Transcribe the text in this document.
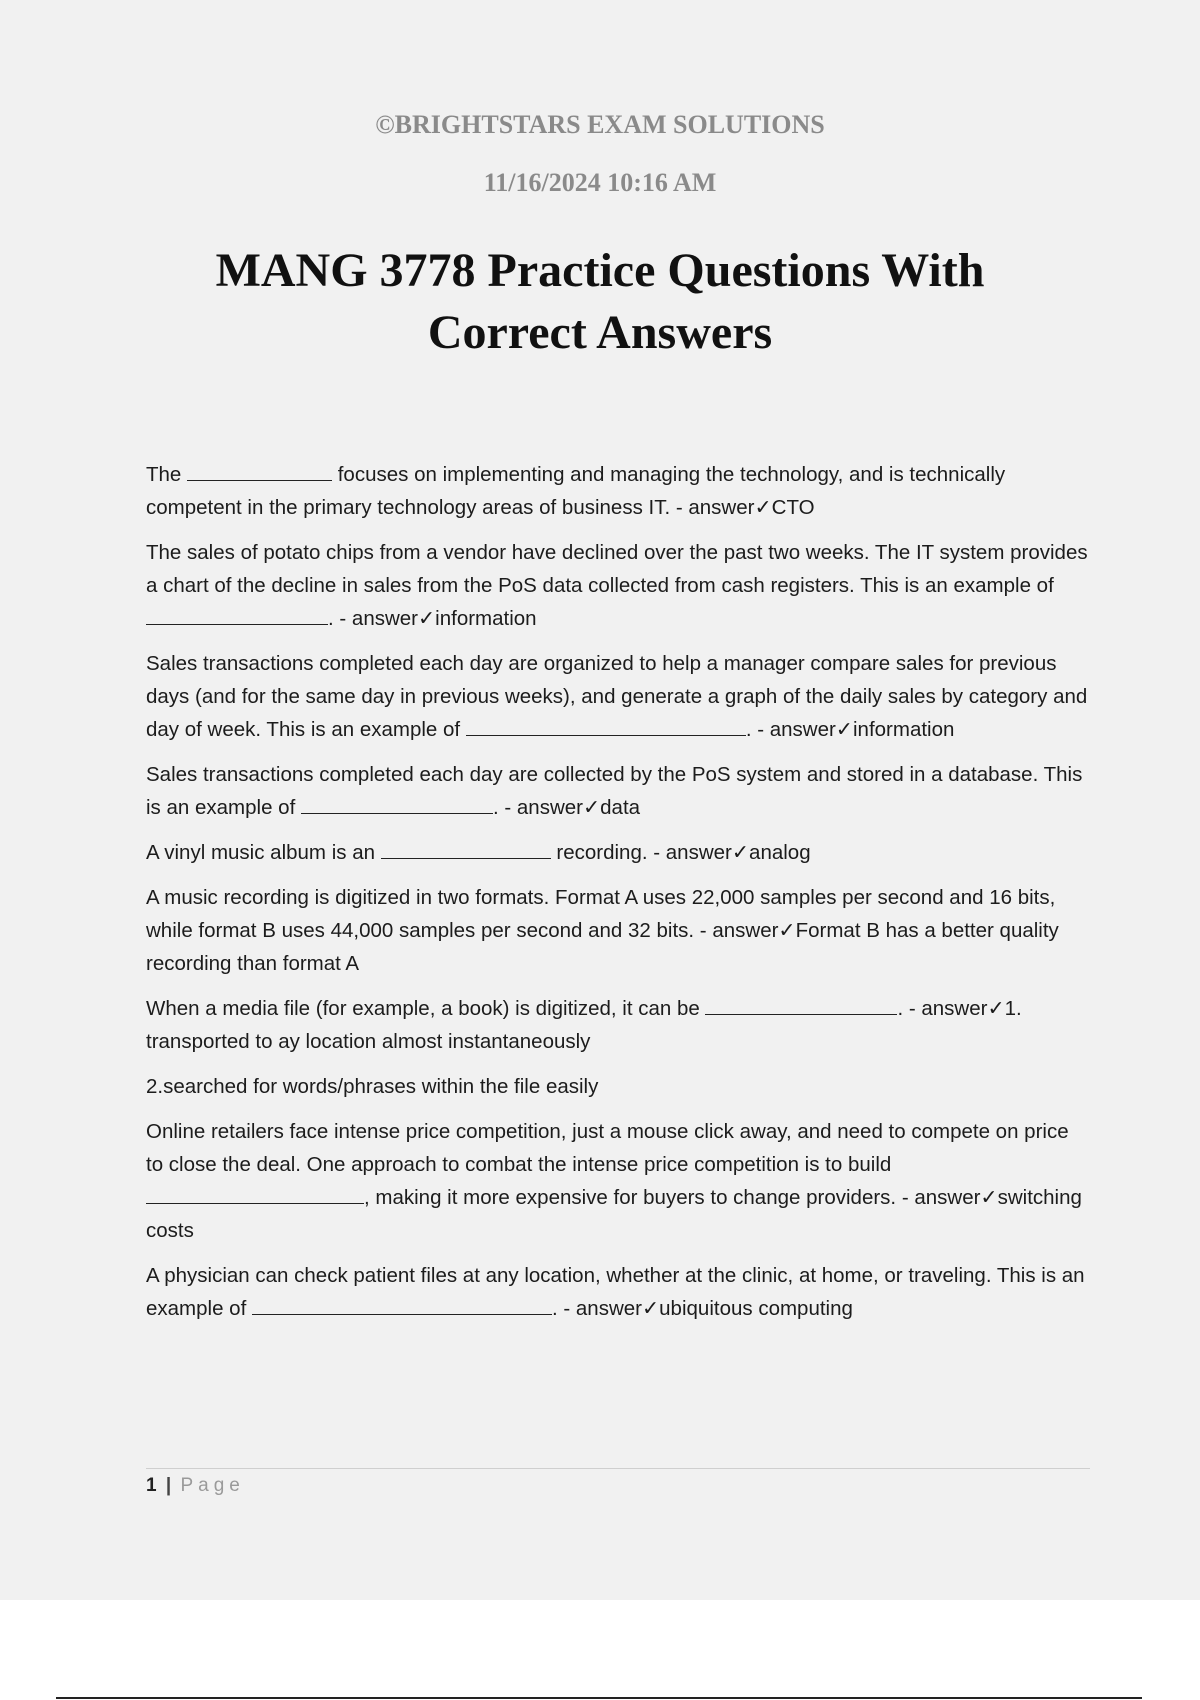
©BRIGHTSTARS EXAM SOLUTIONS
11/16/2024 10:16 AM
MANG 3778 Practice Questions With
Correct Answers

The	focuses on implementing and managing the technology, and is technically competent in the primary technology areas of business IT. - answer✓CTO

The sales of potato chips from a vendor have declined over the past two weeks. The IT system provides a chart of the decline in sales from the PoS data collected from cash registers. This is an example of . - answer✓information

Sales transactions completed each day are organized to help a manager compare sales for previous days (and for the same day in previous weeks), and generate a graph of the daily sales by category and day of week. This is an example of	. - answer✓information

Sales transactions completed each day are collected by the PoS system and stored in a database. This is an example of	. - answer✓data

A vinyl music album is an	recording. - answer✓analog

A music recording is digitized in two formats. Format A uses 22,000 samples per second and 16 bits, while format B uses 44,000 samples per second and 32 bits. - answer✓Format B has a better quality recording than format A

When a media file (for example, a book) is digitized, it can be	. - answer✓1. transported to ay location almost instantaneously

2.searched for words/phrases within the file easily

Online retailers face intense price competition, just a mouse click away, and need to compete on price to close the deal. One approach to combat the intense price competition is to build , making it more expensive for buyers to change providers. - answer✓switching costs

A physician can check patient files at any location, whether at the clinic, at home, or traveling. This is an example of	. - answer✓ubiquitous computing

1 | Page
